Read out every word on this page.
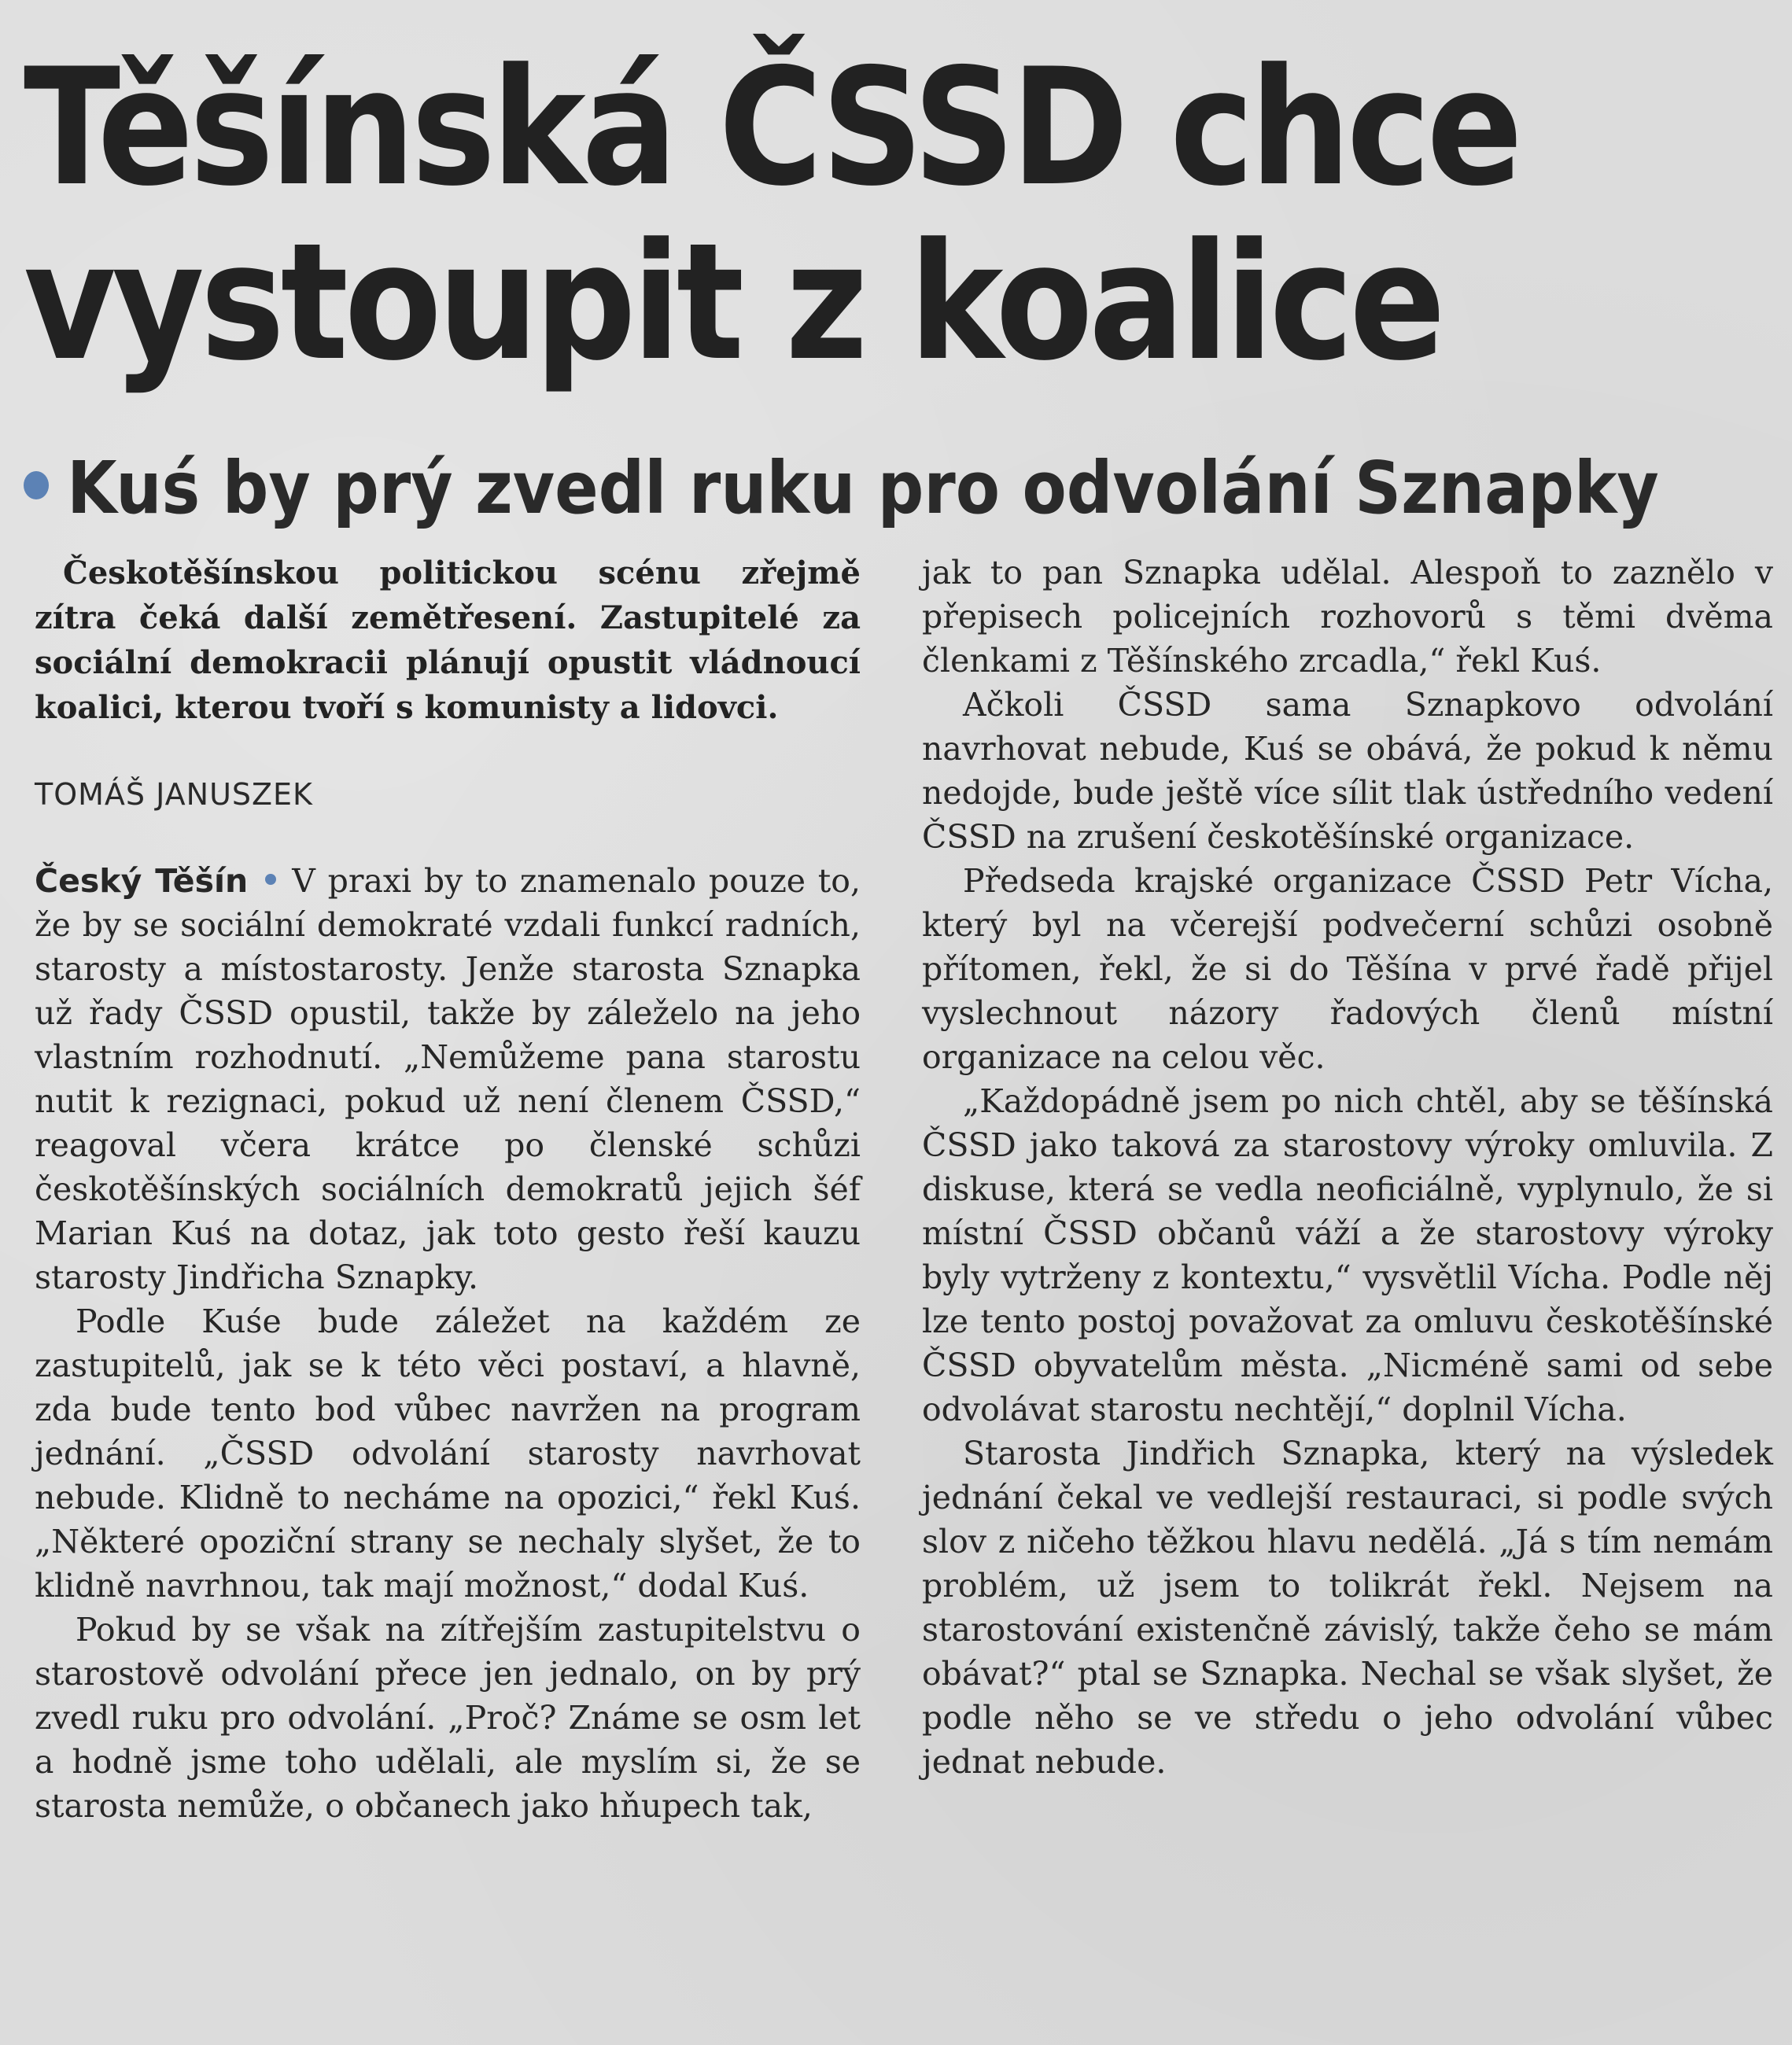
Těšínská ČSSD chce
vystoupit z koalice
Kuś by prý zvedl ruku pro odvolání Sznapky

Českotěšínskou politickou scénu zřejmě zítra čeká další zemětřesení. Zastupitelé za sociální demokracii plánují opustit vládnoucí koalici, kterou tvoří s komunisty a lidovci.

TOMÁŠ JANUSZEK

Český Těšín V praxi by to znamenalo pouze to, že by se sociální demokraté vzdali funkcí radních, starosty a místostarosty. Jenže starosta Sznapka už řady ČSSD opustil, takže by záleželo na jeho vlastním rozhodnutí. „Nemůžeme pana starostu nutit k rezignaci, pokud už není členem ČSSD,“ reagoval včera krátce po členské schůzi českotěšínských sociálních demokratů jejich šéf Marian Kuś na dotaz, jak toto gesto řeší kauzu starosty Jindřicha Sznapky.

Podle Kuśe bude záležet na každém ze zastupitelů, jak se k této věci postaví, a hlavně, zda bude tento bod vůbec navržen na program jednání. „ČSSD odvolání starosty navrhovat nebude. Klidně to necháme na opozici,“ řekl Kuś. „Některé opoziční strany se nechaly slyšet, že to klidně navrhnou, tak mají možnost,“ dodal Kuś.

Pokud by se však na zítřejším zastupitelstvu o starostově odvolání přece jen jednalo, on by prý zvedl ruku pro odvolání. „Proč? Známe se osm let a hodně jsme toho udělali, ale myslím si, že se starosta nemůže, o občanech jako hňupech tak,

jak to pan Sznapka udělal. Alespoň to zaznělo v přepisech policejních rozhovorů s těmi dvěma členkami z Těšínského zrcadla,“ řekl Kuś.

Ačkoli ČSSD sama Sznapkovo odvolání navrhovat nebude, Kuś se obává, že pokud k němu nedojde, bude ještě více sílit tlak ústředního vedení ČSSD na zrušení českotěšínské organizace.

Předseda krajské organizace ČSSD Petr Vícha, který byl na včerejší podvečerní schůzi osobně přítomen, řekl, že si do Těšína v prvé řadě přijel vyslechnout názory řadových členů místní organizace na celou věc.

„Každopádně jsem po nich chtěl, aby se těšínská ČSSD jako taková za starostovy výroky omluvila. Z diskuse, která se vedla neoficiálně, vyplynulo, že si místní ČSSD občanů váží a že starostovy výroky byly vytrženy z kontextu,“ vysvětlil Vícha. Podle něj lze tento postoj považovat za omluvu českotěšínské ČSSD obyvatelům města. „Nicméně sami od sebe odvolávat starostu nechtějí,“ doplnil Vícha.

Starosta Jindřich Sznapka, který na výsledek jednání čekal ve vedlejší restauraci, si podle svých slov z ničeho těžkou hlavu nedělá. „Já s tím nemám problém, už jsem to tolikrát řekl. Nejsem na starostování existenčně závislý, takže čeho se mám obávat?“ ptal se Sznapka. Nechal se však slyšet, že podle něho se ve středu o jeho odvolání vůbec jednat nebude.
